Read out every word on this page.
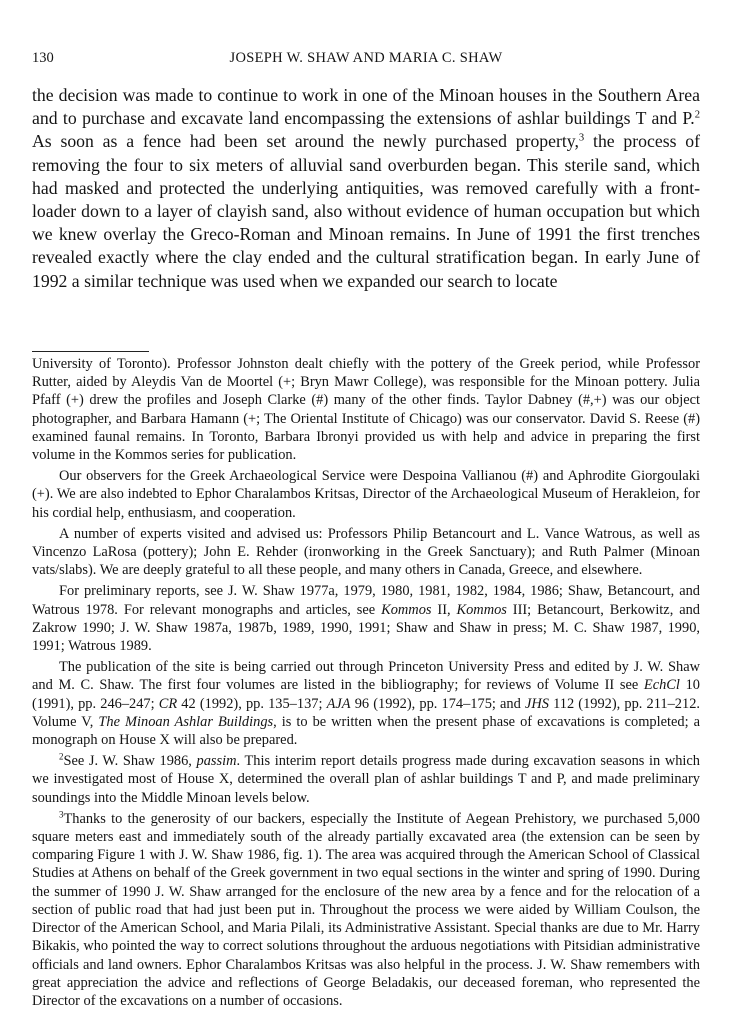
130	JOSEPH W. SHAW AND MARIA C. SHAW

the decision was made to continue to work in one of the Minoan houses in the Southern Area and to purchase and excavate land encompassing the extensions of ashlar buildings T and P.$^2$ As soon as a fence had been set around the newly purchased property,$^3$ the process of removing the four to six meters of alluvial sand overburden began. This sterile sand, which had masked and protected the underlying antiquities, was removed carefully with a front-loader down to a layer of clayish sand, also without evidence of human occupation but which we knew overlay the Greco-Roman and Minoan remains. In June of 1991 the first trenches revealed exactly where the clay ended and the cultural stratification began. In early June of 1992 a similar technique was used when we expanded our search to locate

University of Toronto). Professor Johnston dealt chiefly with the pottery of the Greek period, while Professor Rutter, aided by Aleydis Van de Moortel (+; Bryn Mawr College), was responsible for the Minoan pottery. Julia Pfaff (+) drew the profiles and Joseph Clarke (#) many of the other finds. Taylor Dabney (#,+) was our object photographer, and Barbara Hamann (+; The Oriental Institute of Chicago) was our conservator. David S. Reese (#) examined faunal remains. In Toronto, Barbara Ibronyi provided us with help and advice in preparing the first volume in the Kommos series for publication.

Our observers for the Greek Archaeological Service were Despoina Vallianou (#) and Aphrodite Giorgoulaki (+). We are also indebted to Ephor Charalambos Kritsas, Director of the Archaeological Museum of Herakleion, for his cordial help, enthusiasm, and cooperation.

A number of experts visited and advised us: Professors Philip Betancourt and L. Vance Watrous, as well as Vincenzo LaRosa (pottery); John E. Rehder (ironworking in the Greek Sanctuary); and Ruth Palmer (Minoan vats/slabs). We are deeply grateful to all these people, and many others in Canada, Greece, and elsewhere.

For preliminary reports, see J. W. Shaw 1977a, 1979, 1980, 1981, 1982, 1984, 1986; Shaw, Betancourt, and Watrous 1978. For relevant monographs and articles, see Kommos II, Kommos III; Betancourt, Berkowitz, and Zakrow 1990; J. W. Shaw 1987a, 1987b, 1989, 1990, 1991; Shaw and Shaw in press; M. C. Shaw 1987, 1990, 1991; Watrous 1989.

The publication of the site is being carried out through Princeton University Press and edited by J. W. Shaw and M. C. Shaw. The first four volumes are listed in the bibliography; for reviews of Volume II see EchCl 10 (1991), pp. 246–247; CR 42 (1992), pp. 135–137; AJA 96 (1992), pp. 174–175; and JHS 112 (1992), pp. 211–212. Volume V, The Minoan Ashlar Buildings, is to be written when the present phase of excavations is completed; a monograph on House X will also be prepared.

$^2$See J. W. Shaw 1986, passim. This interim report details progress made during excavation seasons in which we investigated most of House X, determined the overall plan of ashlar buildings T and P, and made preliminary soundings into the Middle Minoan levels below.

$^3$Thanks to the generosity of our backers, especially the Institute of Aegean Prehistory, we purchased 5,000 square meters east and immediately south of the already partially excavated area (the extension can be seen by comparing Figure 1 with J. W. Shaw 1986, fig. 1). The area was acquired through the American School of Classical Studies at Athens on behalf of the Greek government in two equal sections in the winter and spring of 1990. During the summer of 1990 J. W. Shaw arranged for the enclosure of the new area by a fence and for the relocation of a section of public road that had just been put in. Throughout the process we were aided by William Coulson, the Director of the American School, and Maria Pilali, its Administrative Assistant. Special thanks are due to Mr. Harry Bikakis, who pointed the way to correct solutions throughout the arduous negotiations with Pitsidian administrative officials and land owners. Ephor Charalambos Kritsas was also helpful in the process. J. W. Shaw remembers with great appreciation the advice and reflections of George Beladakis, our deceased foreman, who represented the Director of the excavations on a number of occasions.
